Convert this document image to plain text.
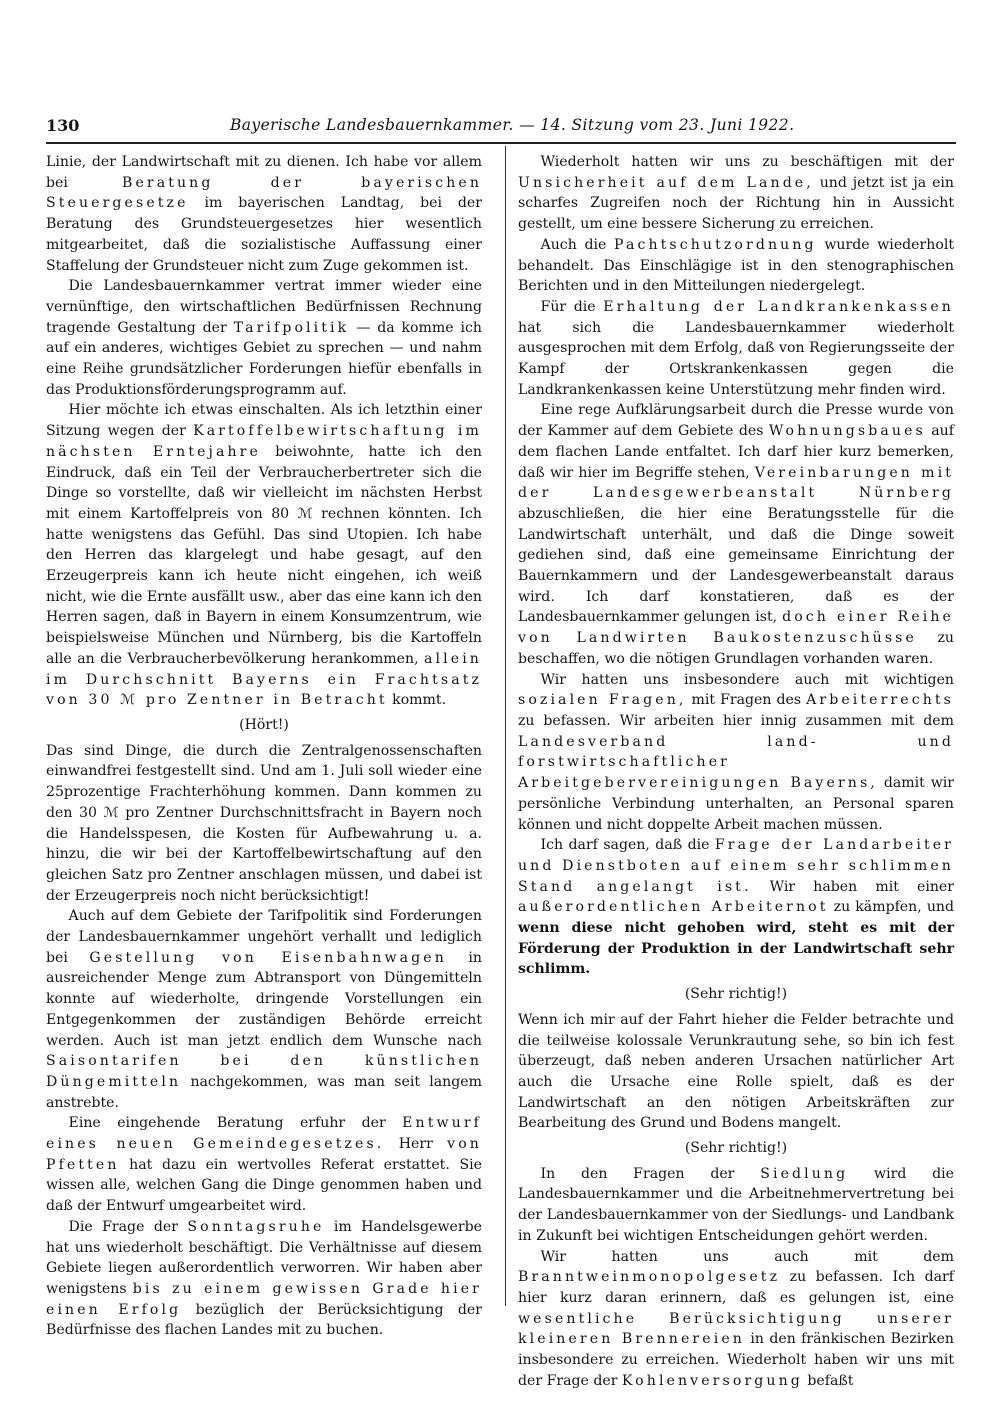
130	Bayerische Landesbauernkammer. — 14. Sitzung vom 23. Juni 1922.

Linie, der Landwirtschaft mit zu dienen. Ich habe vor allem bei Beratung der bayerischen Steuergesetze im bayerischen Landtag, bei der Beratung des Grundsteuergesetzes hier wesentlich mitgearbeitet, daß die sozialistische Auffassung einer Staffelung der Grundsteuer nicht zum Zuge gekommen ist.

Die Landesbauernkammer vertrat immer wieder eine vernünftige, den wirtschaftlichen Bedürfnissen Rechnung tragende Gestaltung der Tarifpolitik — da komme ich auf ein anderes, wichtiges Gebiet zu sprechen — und nahm eine Reihe grundsätzlicher Forderungen hiefür ebenfalls in das Produktionsförderungsprogramm auf.

Hier möchte ich etwas einschalten. Als ich letzthin einer Sitzung wegen der Kartoffelbewirtschaftung im nächsten Erntejahre beiwohnte, hatte ich den Eindruck, daß ein Teil der Verbraucherbertreter sich die Dinge so vorstellte, daß wir vielleicht im nächsten Herbst mit einem Kartoffelpreis von 80 ℳ rechnen könnten. Ich hatte wenigstens das Gefühl. Das sind Utopien. Ich habe den Herren das klargelegt und habe gesagt, auf den Erzeugerpreis kann ich heute nicht eingehen, ich weiß nicht, wie die Ernte ausfällt usw., aber das eine kann ich den Herren sagen, daß in Bayern in einem Konsumzentrum, wie beispielsweise München und Nürnberg, bis die Kartoffeln alle an die Verbraucherbevölkerung herankommen, allein im Durchschnitt Bayerns ein Frachtsatz von 30 ℳ pro Zentner in Betracht kommt.

(Hört!)

Das sind Dinge, die durch die Zentralgenossenschaften einwandfrei festgestellt sind. Und am 1. Juli soll wieder eine 25prozentige Frachterhöhung kommen. Dann kommen zu den 30 ℳ pro Zentner Durchschnittsfracht in Bayern noch die Handelsspesen, die Kosten für Aufbewahrung u. a. hinzu, die wir bei der Kartoffelbewirtschaftung auf den gleichen Satz pro Zentner anschlagen müssen, und dabei ist der Erzeugerpreis noch nicht berücksichtigt!

Auch auf dem Gebiete der Tarifpolitik sind Forderungen der Landesbauernkammer ungehört verhallt und lediglich bei Gestellung von Eisenbahnwagen in ausreichender Menge zum Abtransport von Düngemitteln konnte auf wiederholte, dringende Vorstellungen ein Entgegenkommen der zuständigen Behörde erreicht werden. Auch ist man jetzt endlich dem Wunsche nach Saisontarifen bei den künstlichen Düngemitteln nachgekommen, was man seit langem anstrebte.

Eine eingehende Beratung erfuhr der Entwurf eines neuen Gemeindegesetzes. Herr von Pfetten hat dazu ein wertvolles Referat erstattet. Sie wissen alle, welchen Gang die Dinge genommen haben und daß der Entwurf umgearbeitet wird.

Die Frage der Sonntagsruhe im Handelsgewerbe hat uns wiederholt beschäftigt. Die Verhältnisse auf diesem Gebiete liegen außerordentlich verworren. Wir haben aber wenigstens bis zu einem gewissen Grade hier einen Erfolg bezüglich der Berücksichtigung der Bedürfnisse des flachen Landes mit zu buchen.

Wiederholt hatten wir uns zu beschäftigen mit der Unsicherheit auf dem Lande, und jetzt ist ja ein scharfes Zugreifen noch der Richtung hin in Aussicht gestellt, um eine bessere Sicherung zu erreichen.

Auch die Pachtschutzordnung wurde wiederholt behandelt. Das Einschlägige ist in den stenographischen Berichten und in den Mitteilungen niedergelegt.

Für die Erhaltung der Landkrankenkassen hat sich die Landesbauernkammer wiederholt ausgesprochen mit dem Erfolg, daß von Regierungsseite der Kampf der Ortskrankenkassen gegen die Landkrankenkassen keine Unterstützung mehr finden wird.

Eine rege Aufklärungsarbeit durch die Presse wurde von der Kammer auf dem Gebiete des Wohnungsbaues auf dem flachen Lande entfaltet. Ich darf hier kurz bemerken, daß wir hier im Begriffe stehen, Vereinbarungen mit der Landesgewerbeanstalt Nürnberg abzuschließen, die hier eine Beratungsstelle für die Landwirtschaft unterhält, und daß die Dinge soweit gediehen sind, daß eine gemeinsame Einrichtung der Bauernkammern und der Landesgewerbeanstalt daraus wird. Ich darf konstatieren, daß es der Landesbauernkammer gelungen ist, doch einer Reihe von Landwirten Baukostenzuschüsse zu beschaffen, wo die nötigen Grundlagen vorhanden waren.

Wir hatten uns insbesondere auch mit wichtigen sozialen Fragen, mit Fragen des Arbeiterrechts zu befassen. Wir arbeiten hier innig zusammen mit dem Landesverband land- und forstwirtschaftlicher Arbeitgebervereinigungen Bayerns, damit wir persönliche Verbindung unterhalten, an Personal sparen können und nicht doppelte Arbeit machen müssen.

Ich darf sagen, daß die Frage der Landarbeiter und Dienstboten auf einem sehr schlimmen Stand angelangt ist. Wir haben mit einer außerordentlichen Arbeiternot zu kämpfen, und wenn diese nicht gehoben wird, steht es mit der Förderung der Produktion in der Landwirtschaft sehr schlimm.

(Sehr richtig!)

Wenn ich mir auf der Fahrt hieher die Felder betrachte und die teilweise kolossale Verunkrautung sehe, so bin ich fest überzeugt, daß neben anderen Ursachen natürlicher Art auch die Ursache eine Rolle spielt, daß es der Landwirtschaft an den nötigen Arbeitskräften zur Bearbeitung des Grund und Bodens mangelt.

(Sehr richtig!)

In den Fragen der Siedlung wird die Landesbauernkammer und die Arbeitnehmervertretung bei der Landesbauernkammer von der Siedlungs- und Landbank in Zukunft bei wichtigen Entscheidungen gehört werden.

Wir hatten uns auch mit dem Branntweinmonopolgesetz zu befassen. Ich darf hier kurz daran erinnern, daß es gelungen ist, eine wesentliche Berücksichtigung unserer kleineren Brennereien in den fränkischen Bezirken insbesondere zu erreichen. Wiederholt haben wir uns mit der Frage der Kohlenversorgung befaßt
